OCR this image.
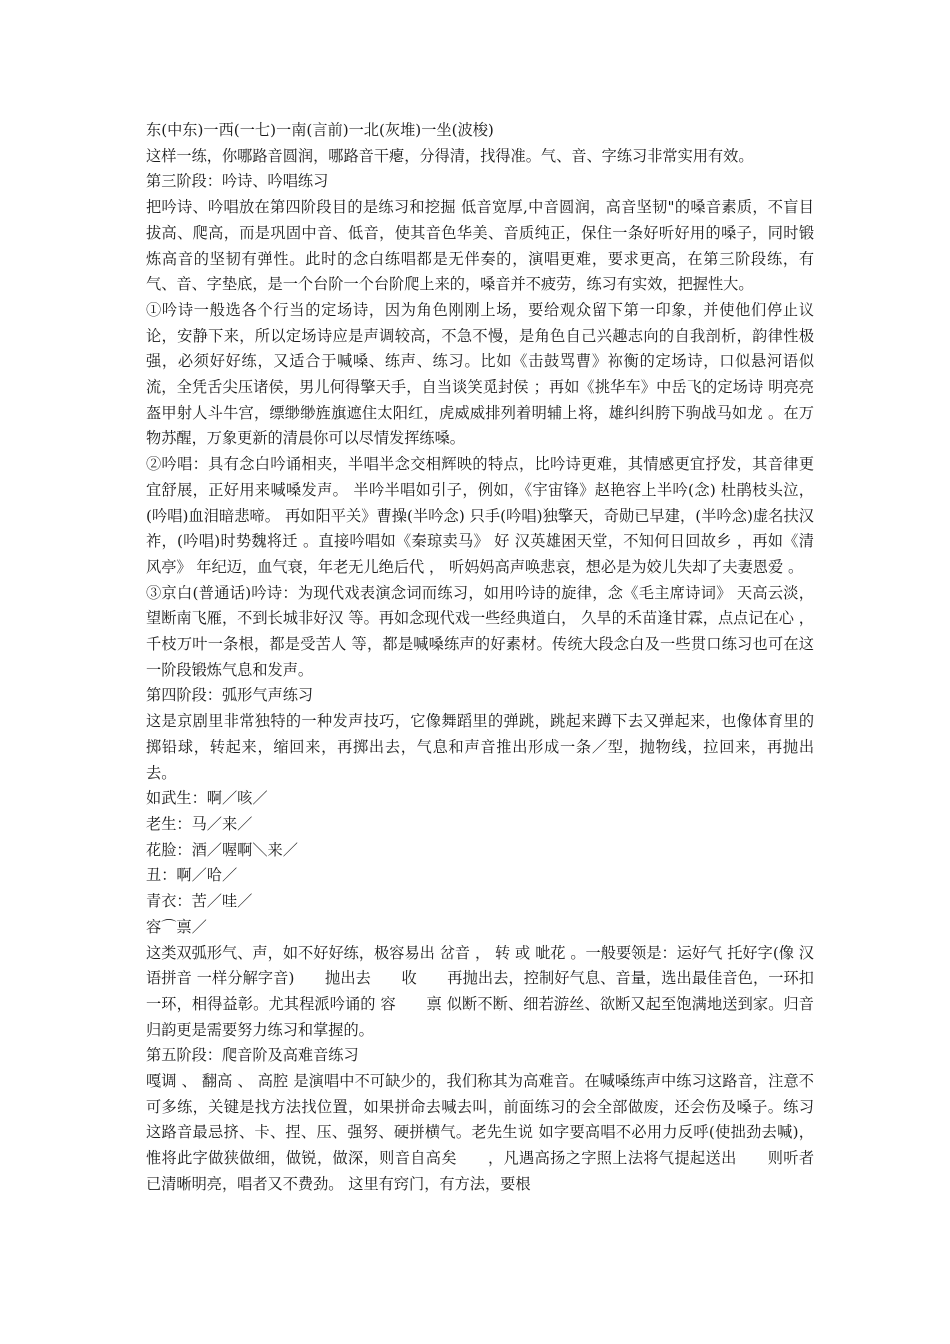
东(中东)一西(一七)一南(言前)一北(灰堆)一坐(波梭)

这样一练，你哪路音圆润，哪路音干瘪，分得清，找得准。气、音、字练习非常实用有效。

第三阶段：吟诗、吟唱练习

把吟诗、吟唱放在第四阶段目的是练习和挖掘 低音宽厚,中音圆润，高音坚韧"的嗓音素质，不盲目拔高、爬高，而是巩固中音、低音，使其音色华美、音质纯正，保住一条好听好用的嗓子，同时锻炼高音的坚韧有弹性。此时的念白练唱都是无伴奏的，演唱更难，要求更高，在第三阶段练，有气、音、字垫底，是一个台阶一个台阶爬上来的，嗓音并不疲劳，练习有实效，把握性大。

①吟诗一般选各个行当的定场诗，因为角色刚刚上场，要给观众留下第一印象，并使他们停止议论，安静下来，所以定场诗应是声调较高，不急不慢，是角色自己兴趣志向的自我剖析，韵律性极强，必须好好练，又适合于喊嗓、练声、练习。比如《击鼓骂曹》祢衡的定场诗，口似悬河语似流，全凭舌尖压诸侯，男儿何得擎天手，自当谈笑觅封侯 ；再如《挑华车》中岳飞的定场诗 明亮亮盔甲射人斗牛宫，缥缈缈旌旗遮住太阳红，虎威威排列着明辅上将，雄纠纠胯下驹战马如龙 。在万物苏醒，万象更新的清晨你可以尽情发挥练嗓。

②吟唱：具有念白吟诵相夹，半唱半念交相辉映的特点，比吟诗更难，其情感更宜抒发，其音律更宜舒展，正好用来喊嗓发声。 半吟半唱如引子，例如，《宇宙锋》赵艳容上半吟(念) 杜鹃枝头泣，(吟唱)血泪暗悲啼。 再如阳平关》曹操(半吟念) 只手(吟唱)独擎天，奇勋已早建，(半吟念)虚名扶汉祚，(吟唱)时势魏将迁 。直接吟唱如《秦琼卖马》 好 汉英雄困天堂，不知何日回故乡 ，再如《清风亭》 年纪迈，血气衰，年老无儿绝后代 ， 听妈妈高声唤悲哀，想必是为姣儿失却了夫妻恩爱 。

③京白(普通话)吟诗：为现代戏表演念词而练习，如用吟诗的旋律，念《毛主席诗词》 天高云淡，望断南飞雁，不到长城非好汉 等。再如念现代戏一些经典道白， 久旱的禾苗逢甘霖，点点记在心 ， 千枝万叶一条根，都是受苦人 等，都是喊嗓练声的好素材。传统大段念白及一些贯口练习也可在这一阶段锻炼气息和发声。

第四阶段：弧形气声练习

这是京剧里非常独特的一种发声技巧，它像舞蹈里的弹跳，跳起来蹲下去又弹起来，也像体育里的掷铅球，转起来，缩回来，再掷出去，气息和声音推出形成一条／型，抛物线，拉回来，再抛出去。

如武生：啊／咳／

老生：马／来／

花脸：酒／喔啊＼来／

丑：啊／哈／

青衣：苦／哇／

容⌒禀／

这类双弧形气、声，如不好好练，极容易出 岔音 ， 转 或 呲花 。一般要领是：运好气 托好字(像 汉语拼音 一样分解字音)　　抛出去　　收　　再抛出去，控制好气息、音量，选出最佳音色，一环扣一环，相得益彰。尤其程派吟诵的 容　　禀 似断不断、细若游丝、欲断又起至饱满地送到家。归音归韵更是需要努力练习和掌握的。

第五阶段：爬音阶及高难音练习

嘎调 、 翻高 、 高腔 是演唱中不可缺少的，我们称其为高难音。在喊嗓练声中练习这路音，注意不可多练，关键是找方法找位置，如果拼命去喊去叫，前面练习的会全部做废，还会伤及嗓子。练习这路音最忌挤、卡、捏、压、强努、硬拼横气。老先生说 如字要高唱不必用力反呼(使拙劲去喊)，惟将此字做狭做细，做锐，做深，则音自高矣　　，凡遇高扬之字照上法将气提起送出　　则听者已清晰明亮，唱者又不费劲。 这里有窍门，有方法，要根
